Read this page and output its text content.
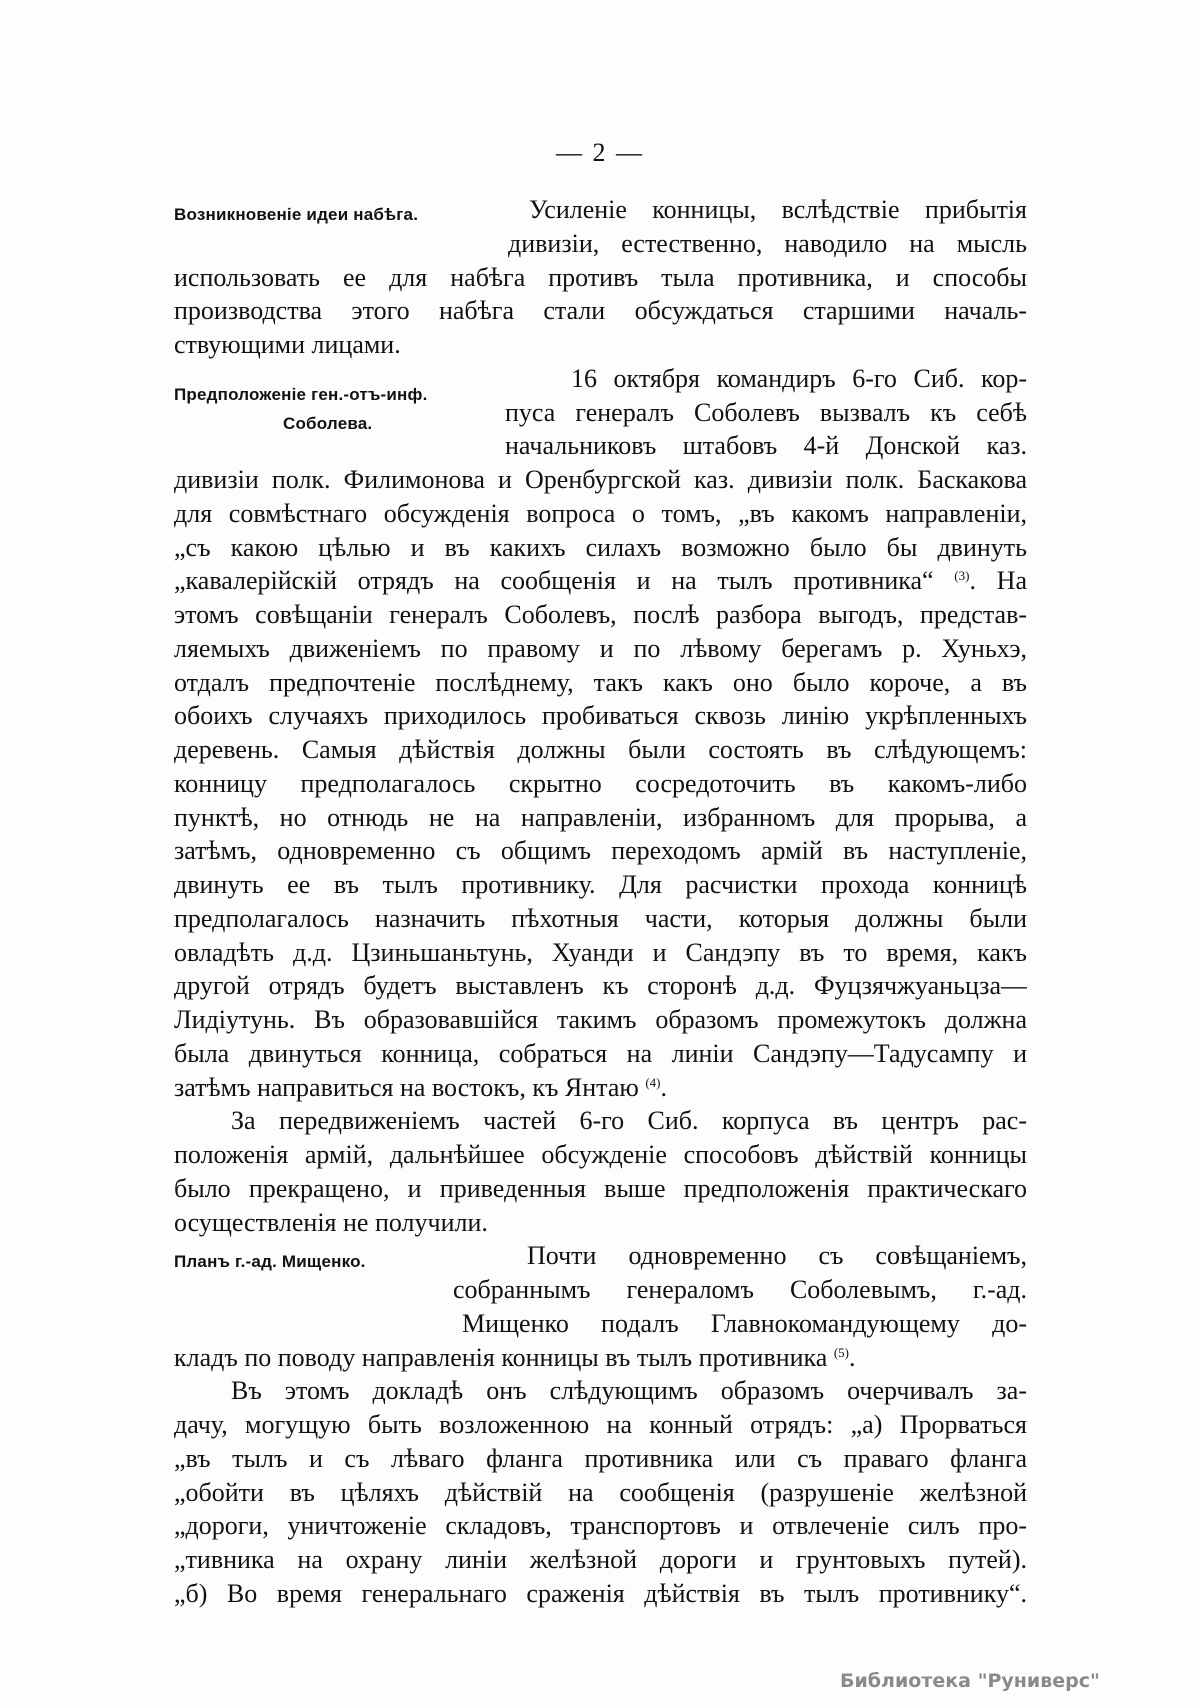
— 2 —
Возникновеніе идеи набѣга.
Предположеніе ген.-отъ-инф.
Соболева.
Планъ г.-ад. Мищенко.
Усиленіе конницы, вслѣдствіе прибытія
дивизіи, естественно, наводило на мысль
использовать ее для набѣга противъ тыла противника, и способы
производства этого набѣга стали обсуждаться старшими началь-
ствующими лицами.
16 октября командиръ 6-го Сиб. кор-
пуса генералъ Соболевъ вызвалъ къ себѣ
начальниковъ штабовъ 4-й Донской каз.
дивизіи полк. Филимонова и Оренбургской каз. дивизіи полк. Баскакова
для совмѣстнаго обсужденія вопроса о томъ, „въ какомъ направленіи,
„съ какою цѣлью и въ какихъ силахъ возможно было бы двинуть
„кавалерійскій отрядъ на сообщенія и на тылъ противника“ $^{(3)}$. На
этомъ совѣщаніи генералъ Соболевъ, послѣ разбора выгодъ, представ-
ляемыхъ движеніемъ по правому и по лѣвому берегамъ р. Хуньхэ,
отдалъ предпочтеніе послѣднему, такъ какъ оно было короче, а въ
обоихъ случаяхъ приходилось пробиваться сквозь линію укрѣпленныхъ
деревень. Самыя дѣйствія должны были состоять въ слѣдующемъ:
конницу предполагалось скрытно сосредоточить въ какомъ-либо
пунктѣ, но отнюдь не на направленіи, избранномъ для прорыва, а
затѣмъ, одновременно съ общимъ переходомъ армій въ наступленіе,
двинуть ее въ тылъ противнику. Для расчистки прохода конницѣ
предполагалось назначить пѣхотныя части, которыя должны были
овладѣть д.д. Цзиньшаньтунь, Хуанди и Сандэпу въ то время, какъ
другой отрядъ будетъ выставленъ къ сторонѣ д.д. Фуцзячжуаньцза—
Лидіутунь. Въ образовавшійся такимъ образомъ промежутокъ должна
была двинуться конница, собраться на линіи Сандэпу—Тадусампу и
затѣмъ направиться на востокъ, къ Янтаю $^{(4)}$.
За передвиженіемъ частей 6-го Сиб. корпуса въ центръ рас-
положенія армій, дальнѣйшее обсужденіе способовъ дѣйствій конницы
было прекращено, и приведенныя выше предположенія практическаго
осуществленія не получили.
Почти одновременно съ совѣщаніемъ,
собраннымъ генераломъ Соболевымъ, г.-ад.
Мищенко подалъ Главнокомандующему до-
кладъ по поводу направленія конницы въ тылъ противника $^{(5)}$.
Въ этомъ докладѣ онъ слѣдующимъ образомъ очерчивалъ за-
дачу, могущую быть возложенною на конный отрядъ: „а) Прорваться
„въ тылъ и съ лѣваго фланга противника или съ праваго фланга
„обойти въ цѣляхъ дѣйствій на сообщенія (разрушеніе желѣзной
„дороги, уничтоженіе складовъ, транспортовъ и отвлеченіе силъ про-
„тивника на охрану линіи желѣзной дороги и грунтовыхъ путей).
„б) Во время генеральнаго сраженія дѣйствія въ тылъ противнику“.
Библиотека "Руниверс"
